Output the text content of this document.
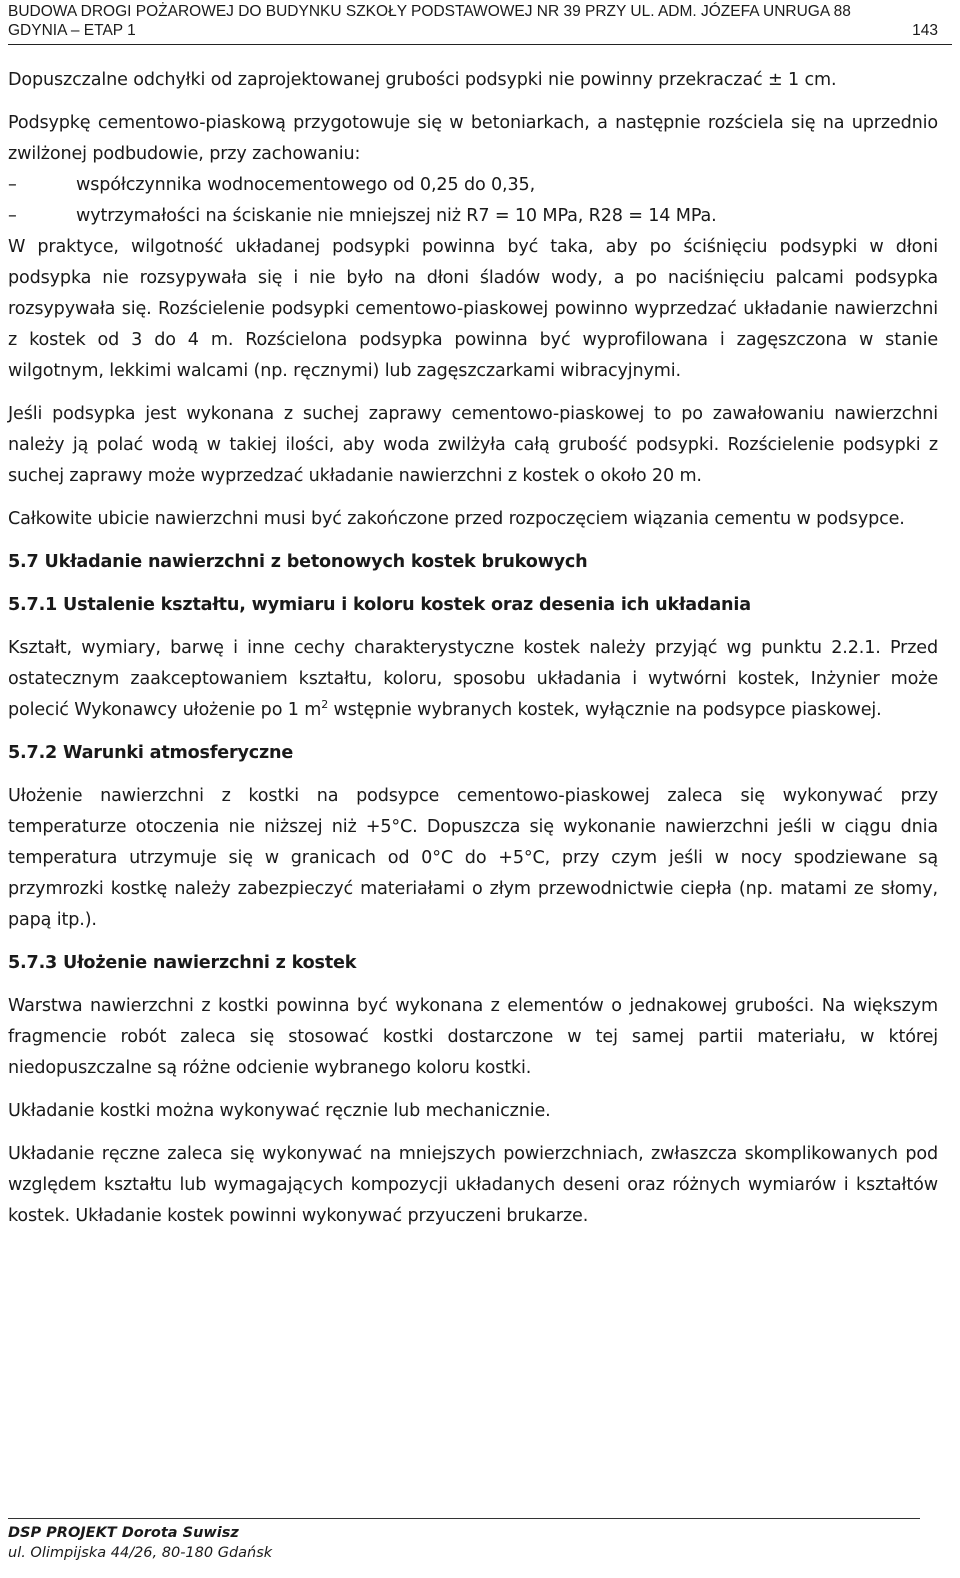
BUDOWA DROGI POŻAROWEJ DO BUDYNKU SZKOŁY PODSTAWOWEJ NR 39 PRZY UL. ADM. JÓZEFA UNRUGA 88
GDYNIA – ETAP 1	143

Dopuszczalne odchyłki od zaprojektowanej grubości podsypki nie powinny przekraczać ± 1 cm.

Podsypkę cementowo-piaskową przygotowuje się w betoniarkach, a następnie rozściela się na uprzednio zwilżonej podbudowie, przy zachowaniu:

–	współczynnika wodnocementowego od 0,25 do 0,35,
–	wytrzymałości na ściskanie nie mniejszej niż R7 = 10 MPa, R28 = 14 MPa.

W praktyce, wilgotność układanej podsypki powinna być taka, aby po ściśnięciu podsypki w dłoni podsypka nie rozsypywała się i nie było na dłoni śladów wody, a po naciśnięciu palcami podsypka rozsypywała się. Rozścielenie podsypki cementowo-piaskowej powinno wyprzedzać układanie nawierzchni z kostek od 3 do 4 m. Rozścielona podsypka powinna być wyprofilowana i zagęszczona w stanie wilgotnym, lekkimi walcami (np. ręcznymi) lub zagęszczarkami wibracyjnymi.

Jeśli podsypka jest wykonana z suchej zaprawy cementowo-piaskowej to po zawałowaniu nawierzchni należy ją polać wodą w takiej ilości, aby woda zwilżyła całą grubość podsypki. Rozścielenie podsypki z suchej zaprawy może wyprzedzać układanie nawierzchni z kostek o około 20 m.

Całkowite ubicie nawierzchni musi być zakończone przed rozpoczęciem wiązania cementu w podsypce.

5.7 Układanie nawierzchni z betonowych kostek brukowych
5.7.1 Ustalenie kształtu, wymiaru i koloru kostek oraz desenia ich układania

Kształt, wymiary, barwę i inne cechy charakterystyczne kostek należy przyjąć wg punktu 2.2.1. Przed ostatecznym zaakceptowaniem kształtu, koloru, sposobu układania i wytwórni kostek, Inżynier może polecić Wykonawcy ułożenie po 1 $m^2$ wstępnie wybranych kostek, wyłącznie na podsypce piaskowej.

5.7.2 Warunki atmosferyczne

Ułożenie nawierzchni z kostki na podsypce cementowo-piaskowej zaleca się wykonywać przy temperaturze otoczenia nie niższej niż +5°C. Dopuszcza się wykonanie nawierzchni jeśli w ciągu dnia temperatura utrzymuje się w granicach od 0°C do +5°C, przy czym jeśli w nocy spodziewane są przymrozki kostkę należy zabezpieczyć materiałami o złym przewodnictwie ciepła (np. matami ze słomy, papą itp.).

5.7.3 Ułożenie nawierzchni z kostek

Warstwa nawierzchni z kostki powinna być wykonana z elementów o jednakowej grubości. Na większym fragmencie robót zaleca się stosować kostki dostarczone w tej samej partii materiału, w której niedopuszczalne są różne odcienie wybranego koloru kostki.

Układanie kostki można wykonywać ręcznie lub mechanicznie.

Układanie ręczne zaleca się wykonywać na mniejszych powierzchniach, zwłaszcza skomplikowanych pod względem kształtu lub wymagających kompozycji układanych deseni oraz różnych wymiarów i kształtów kostek. Układanie kostek powinni wykonywać przyuczeni brukarze.

DSP PROJEKT Dorota Suwisz
ul. Olimpijska 44/26, 80-180 Gdańsk
